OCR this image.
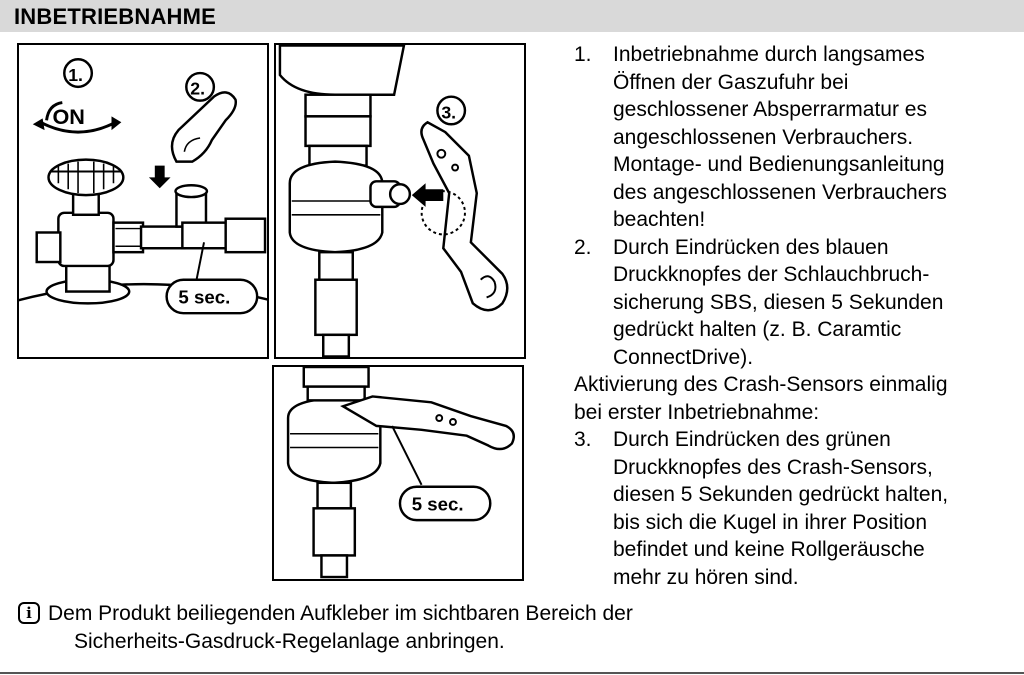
INBETRIEBNAHME
ON
1.
2.
5 sec.
3.
5 sec.
1.	Inbetriebnahme durch langsames
Öffnen der Gaszufuhr bei
geschlossener Absperrarmatur es
angeschlossenen Verbrauchers.
Montage- und Bedienungsanleitung
des angeschlossenen Verbrauchers
beachten!
2.	Durch Eindrücken des blauen
Druckknopfes der Schlauchbruch-
sicherung SBS, diesen 5 Sekunden
gedrückt halten (z. B. Caramtic
ConnectDrive).
Aktivierung des Crash-Sensors einmalig
bei erster Inbetriebnahme:
3.	Durch Eindrücken des grünen
Druckknopfes des Crash-Sensors,
diesen 5 Sekunden gedrückt halten,
bis sich die Kugel in ihrer Position
befindet und keine Rollgeräusche
mehr zu hören sind.
i Dem Produkt beiliegenden Aufkleber im sichtbaren Bereich der
Sicherheits-Gasdruck-Regelanlage anbringen.
